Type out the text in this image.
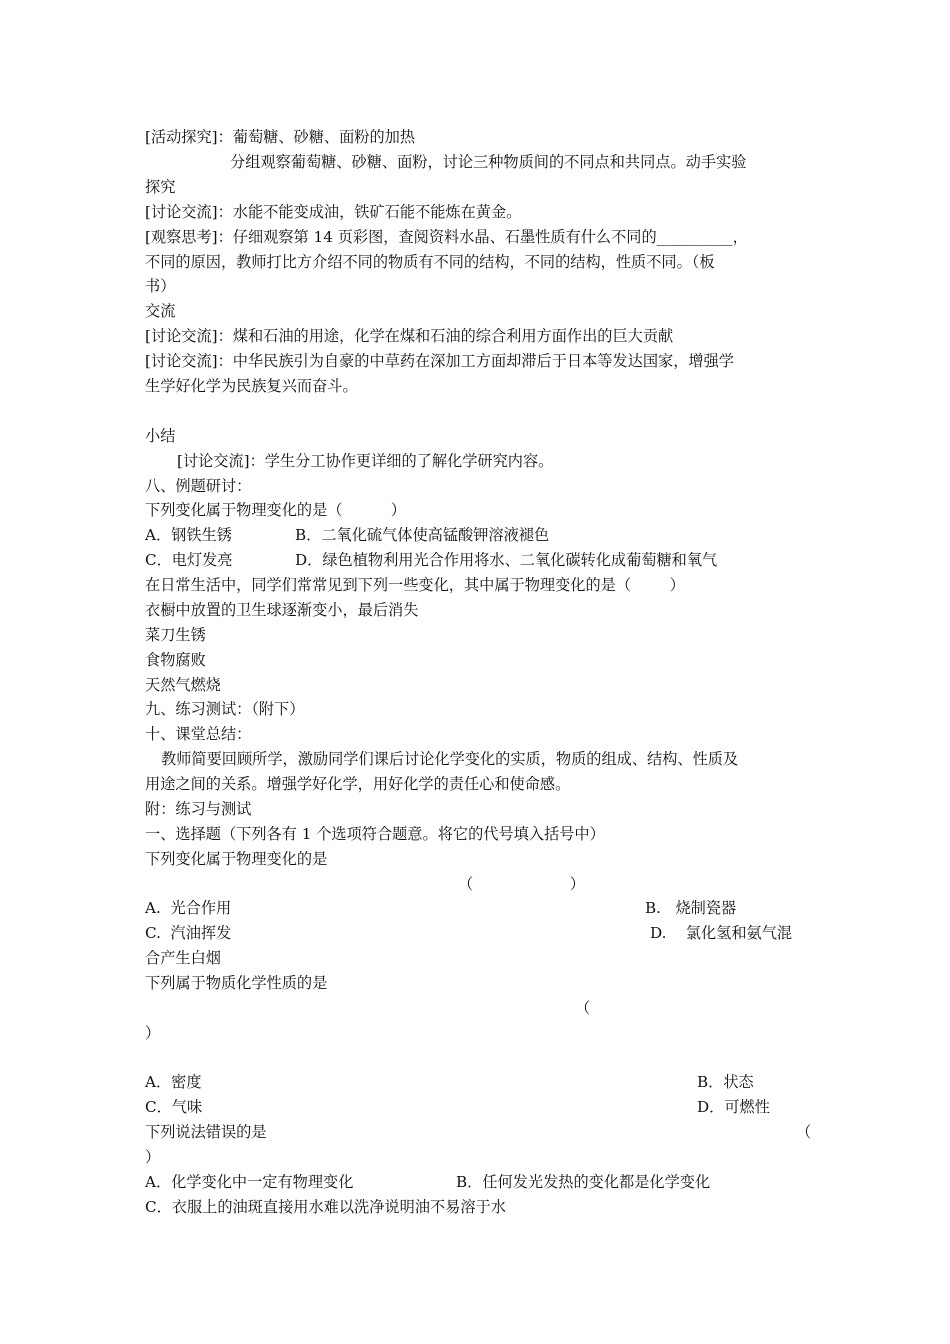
[活动探究]：葡萄糖、砂糖、面粉的加热
分组观察葡萄糖、砂糖、面粉，讨论三种物质间的不同点和共同点。动手实验
探究
[讨论交流]：水能不能变成油，铁矿石能不能炼在黄金。
[观察思考]：仔细观察第 14 页彩图，查阅资料水晶、石墨性质有什么不同的__________，
不同的原因，教师打比方介绍不同的物质有不同的结构，不同的结构，性质不同。（板
书）
交流
[讨论交流]：煤和石油的用途，化学在煤和石油的综合利用方面作出的巨大贡献
[讨论交流]：中华民族引为自豪的中草药在深加工方面却滞后于日本等发达国家，增强学
生学好化学为民族复兴而奋斗。
小结
[讨论交流]：学生分工协作更详细的了解化学研究内容。
八、例题研讨：
下列变化属于物理变化的是（          ）
A．钢铁生锈	B．二氧化硫气体使高锰酸钾溶液褪色
C．电灯发亮	D．绿色植物利用光合作用将水、二氧化碳转化成葡萄糖和氧气
在日常生活中，同学们常常见到下列一些变化，其中属于物理变化的是（        ）
衣橱中放置的卫生球逐渐变小，最后消失
菜刀生锈
食物腐败
天然气燃烧
九、练习测试：（附下）
十、课堂总结：
教师简要回顾所学，激励同学们课后讨论化学变化的实质，物质的组成、结构、性质及
用途之间的关系。增强学好化学，用好化学的责任心和使命感。
附：练习与测试
一、选择题（下列各有 1 个选项符合题意。将它的代号填入括号中）
下列变化属于物理变化的是
（                    ）
A.  光合作用	B.   烧制瓷器
C.  汽油挥发	D.    氯化氢和氨气混
合产生白烟
下列属于物质化学性质的是
（
）
A．密度	B．状态
C．气味	D．可燃性
下列说法错误的是	（
）
A．化学变化中一定有物理变化	B．任何发光发热的变化都是化学变化
C．衣服上的油斑直接用水难以洗净说明油不易溶于水
